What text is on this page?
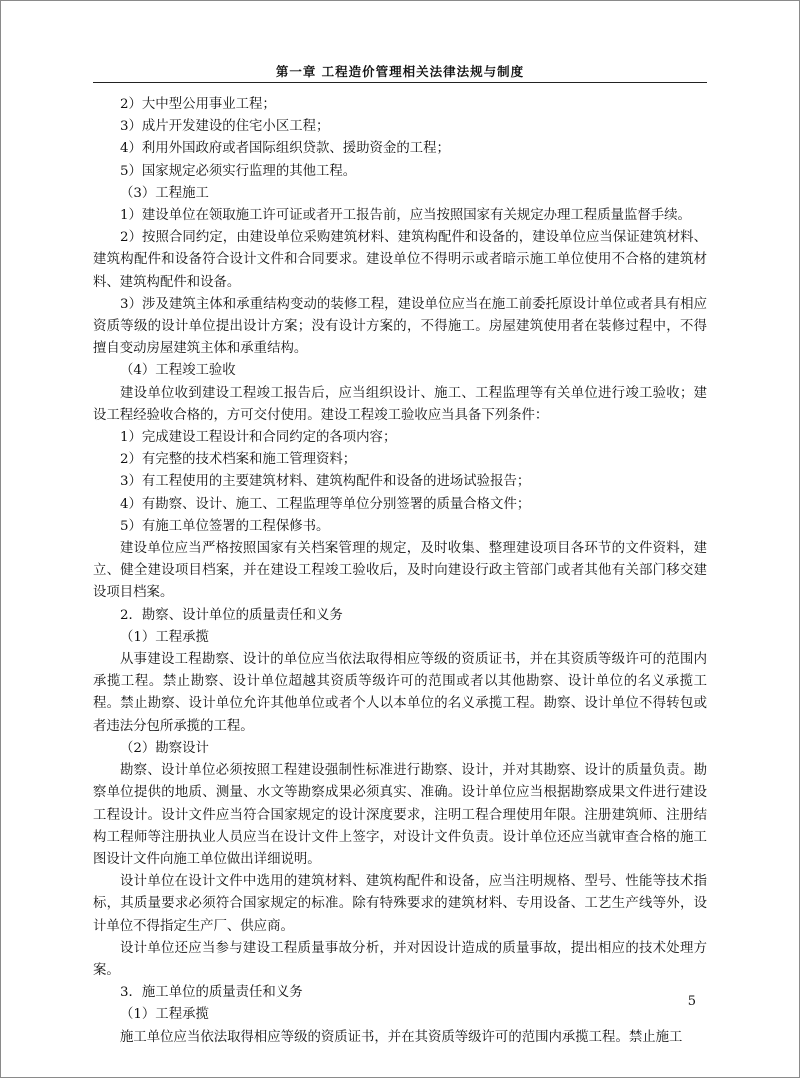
第一章 工程造价管理相关法律法规与制度

2）大中型公用事业工程；

3）成片开发建设的住宅小区工程；

4）利用外国政府或者国际组织贷款、援助资金的工程；

5）国家规定必须实行监理的其他工程。

（3）工程施工

1）建设单位在领取施工许可证或者开工报告前，应当按照国家有关规定办理工程质量监督手续。

2）按照合同约定，由建设单位采购建筑材料、建筑构配件和设备的，建设单位应当保证建筑材料、建筑构配件和设备符合设计文件和合同要求。建设单位不得明示或者暗示施工单位使用不合格的建筑材料、建筑构配件和设备。

3）涉及建筑主体和承重结构变动的装修工程，建设单位应当在施工前委托原设计单位或者具有相应资质等级的设计单位提出设计方案；没有设计方案的，不得施工。房屋建筑使用者在装修过程中，不得擅自变动房屋建筑主体和承重结构。

（4）工程竣工验收

建设单位收到建设工程竣工报告后，应当组织设计、施工、工程监理等有关单位进行竣工验收；建设工程经验收合格的，方可交付使用。建设工程竣工验收应当具备下列条件：

1）完成建设工程设计和合同约定的各项内容；

2）有完整的技术档案和施工管理资料；

3）有工程使用的主要建筑材料、建筑构配件和设备的进场试验报告；

4）有勘察、设计、施工、工程监理等单位分别签署的质量合格文件；

5）有施工单位签署的工程保修书。

建设单位应当严格按照国家有关档案管理的规定，及时收集、整理建设项目各环节的文件资料，建立、健全建设项目档案，并在建设工程竣工验收后，及时向建设行政主管部门或者其他有关部门移交建设项目档案。

2．勘察、设计单位的质量责任和义务

（1）工程承揽

从事建设工程勘察、设计的单位应当依法取得相应等级的资质证书，并在其资质等级许可的范围内承揽工程。禁止勘察、设计单位超越其资质等级许可的范围或者以其他勘察、设计单位的名义承揽工程。禁止勘察、设计单位允许其他单位或者个人以本单位的名义承揽工程。勘察、设计单位不得转包或者违法分包所承揽的工程。

（2）勘察设计

勘察、设计单位必须按照工程建设强制性标准进行勘察、设计，并对其勘察、设计的质量负责。勘察单位提供的地质、测量、水文等勘察成果必须真实、准确。设计单位应当根据勘察成果文件进行建设工程设计。设计文件应当符合国家规定的设计深度要求，注明工程合理使用年限。注册建筑师、注册结构工程师等注册执业人员应当在设计文件上签字，对设计文件负责。设计单位还应当就审查合格的施工图设计文件向施工单位做出详细说明。

设计单位在设计文件中选用的建筑材料、建筑构配件和设备，应当注明规格、型号、性能等技术指标，其质量要求必须符合国家规定的标准。除有特殊要求的建筑材料、专用设备、工艺生产线等外，设计单位不得指定生产厂、供应商。

设计单位还应当参与建设工程质量事故分析，并对因设计造成的质量事故，提出相应的技术处理方案。

3．施工单位的质量责任和义务

（1）工程承揽

施工单位应当依法取得相应等级的资质证书，并在其资质等级许可的范围内承揽工程。禁止施工

5
